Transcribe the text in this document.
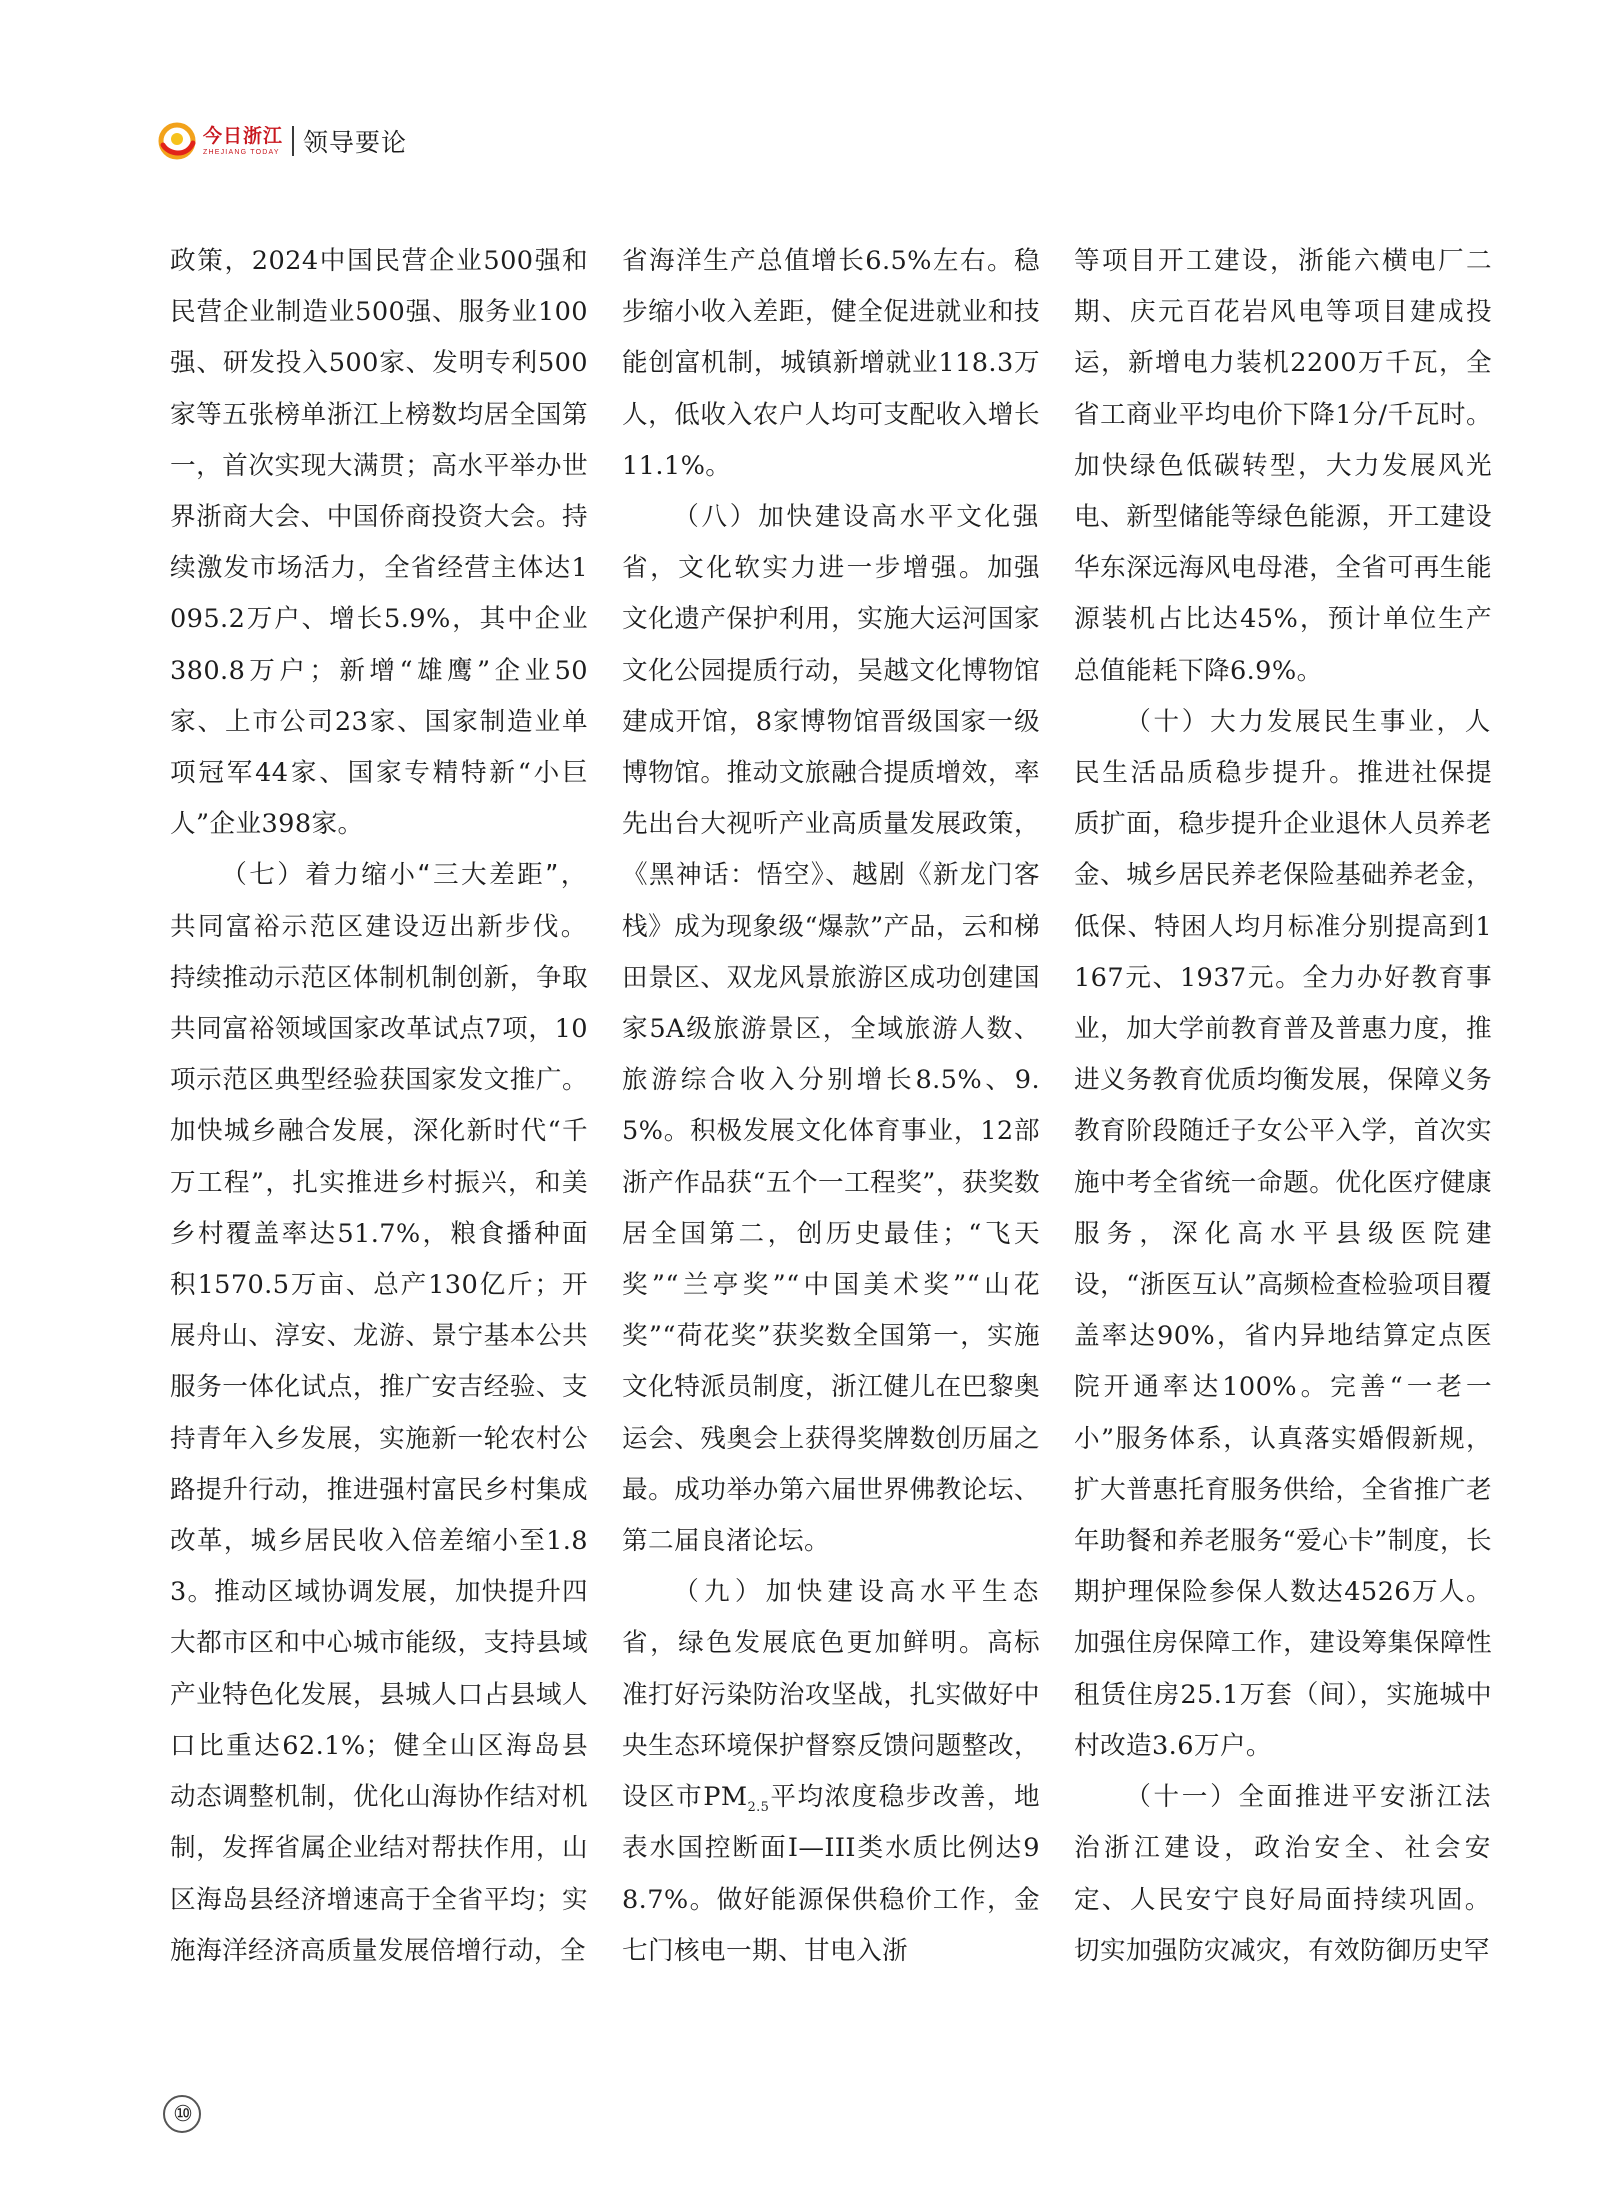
今日浙江
ZHEJIANG TODAY 领导要论

政策，2024中国民营企业500强和民营企业制造业500强、服务业100强、研发投入500家、发明专利500家等五张榜单浙江上榜数均居全国第一，首次实现大满贯；高水平举办世界浙商大会、中国侨商投资大会。持续激发市场活力，全省经营主体达1095.2万户、增长5.9%，其中企业380.8万户；新增“雄鹰”企业50家、上市公司23家、国家制造业单项冠军44家、国家专精特新“小巨人”企业398家。

（七）着力缩小“三大差距”，共同富裕示范区建设迈出新步伐。持续推动示范区体制机制创新，争取共同富裕领域国家改革试点7项，10项示范区典型经验获国家发文推广。加快城乡融合发展，深化新时代“千万工程”，扎实推进乡村振兴，和美乡村覆盖率达51.7%，粮食播种面积1570.5万亩、总产130亿斤；开展舟山、淳安、龙游、景宁基本公共服务一体化试点，推广安吉经验、支持青年入乡发展，实施新一轮农村公路提升行动，推进强村富民乡村集成改革，城乡居民收入倍差缩小至1.83。推动区域协调发展，加快提升四大都市区和中心城市能级，支持县域产业特色化发展，县城人口占县域人口比重达62.1%；健全山区海岛县动态调整机制，优化山海协作结对机制，发挥省属企业结对帮扶作用，山区海岛县经济增速高于全省平均；实施海洋经济高质量发展倍增行动，全

省海洋生产总值增长6.5%左右。稳步缩小收入差距，健全促进就业和技能创富机制，城镇新增就业118.3万人，低收入农户人均可支配收入增长11.1%。

（八）加快建设高水平文化强省，文化软实力进一步增强。加强文化遗产保护利用，实施大运河国家文化公园提质行动，吴越文化博物馆建成开馆，8家博物馆晋级国家一级博物馆。推动文旅融合提质增效，率先出台大视听产业高质量发展政策，《黑神话：悟空》、越剧《新龙门客栈》成为现象级“爆款”产品，云和梯田景区、双龙风景旅游区成功创建国家5A级旅游景区，全域旅游人数、旅游综合收入分别增长8.5%、9.5%。积极发展文化体育事业，12部浙产作品获“五个一工程奖”，获奖数居全国第二，创历史最佳；“飞天奖”“兰亭奖”“中国美术奖”“山花奖”“荷花奖”获奖数全国第一，实施文化特派员制度，浙江健儿在巴黎奥运会、残奥会上获得奖牌数创历届之最。成功举办第六届世界佛教论坛、第二届良渚论坛。

（九）加快建设高水平生态省，绿色发展底色更加鲜明。高标准打好污染防治攻坚战，扎实做好中央生态环境保护督察反馈问题整改，设区市$PM_{2.5}$平均浓度稳步改善，地表水国控断面I—III类水质比例达98.7%。做好能源保供稳价工作，金七门核电一期、甘电入浙

等项目开工建设，浙能六横电厂二期、庆元百花岩风电等项目建成投运，新增电力装机2200万千瓦，全省工商业平均电价下降1分/千瓦时。加快绿色低碳转型，大力发展风光电、新型储能等绿色能源，开工建设华东深远海风电母港，全省可再生能源装机占比达45%，预计单位生产总值能耗下降6.9%。

（十）大力发展民生事业，人民生活品质稳步提升。推进社保提质扩面，稳步提升企业退休人员养老金、城乡居民养老保险基础养老金，低保、特困人均月标准分别提高到1167元、1937元。全力办好教育事业，加大学前教育普及普惠力度，推进义务教育优质均衡发展，保障义务教育阶段随迁子女公平入学，首次实施中考全省统一命题。优化医疗健康服务，深化高水平县级医院建设，“浙医互认”高频检查检验项目覆盖率达90%，省内异地结算定点医院开通率达100%。完善“一老一小”服务体系，认真落实婚假新规，扩大普惠托育服务供给，全省推广老年助餐和养老服务“爱心卡”制度，长期护理保险参保人数达4526万人。加强住房保障工作，建设筹集保障性租赁住房25.1万套（间），实施城中村改造3.6万户。

（十一）全面推进平安浙江法治浙江建设，政治安全、社会安定、人民安宁良好局面持续巩固。切实加强防灾减灾，有效防御历史罕

⑩
